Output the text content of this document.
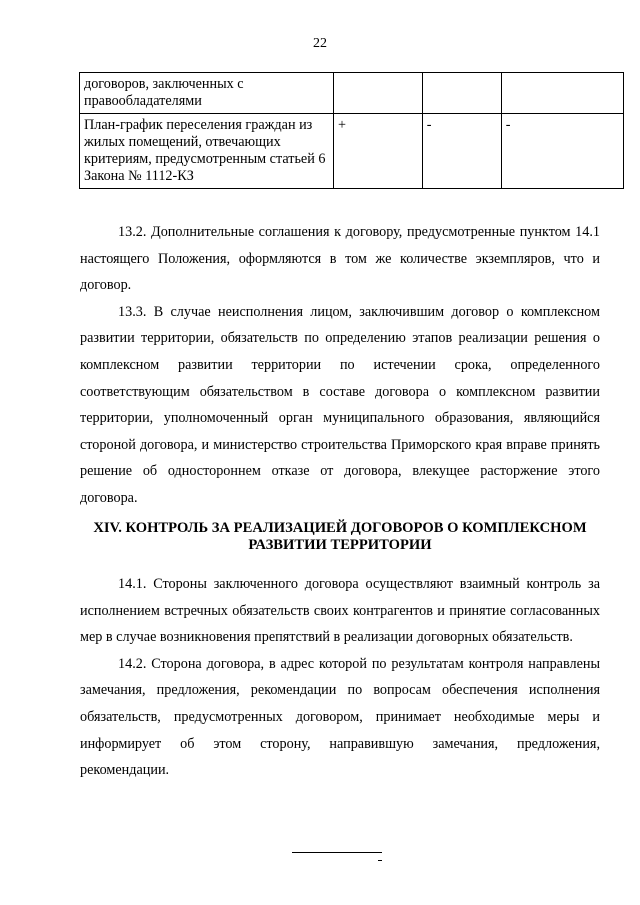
22
договоров, заключенных с правообладателями			
План-график переселения граждан из жилых помещений, отвечающих критериям, предусмотренным статьей 6 Закона № 1112-КЗ	+	-	-

13.2. Дополнительные соглашения к договору, предусмотренные пунктом 14.1 настоящего Положения, оформляются в том же количестве экземпляров, что и договор.

13.3. В случае неисполнения лицом, заключившим договор о комплексном развитии территории, обязательств по определению этапов реализации решения о комплексном развитии территории по истечении срока, определенного соответствующим обязательством в составе договора о комплексном развитии территории, уполномоченный орган муниципального образования, являющийся стороной договора, и министерство строительства Приморского края вправе принять решение об одностороннем отказе от договора, влекущее расторжение этого договора.

XIV. КОНТРОЛЬ ЗА РЕАЛИЗАЦИЕЙ ДОГОВОРОВ О КОМПЛЕКСНОМ
РАЗВИТИИ ТЕРРИТОРИИ

14.1. Стороны заключенного договора осуществляют взаимный контроль за исполнением встречных обязательств своих контрагентов и принятие согласованных мер в случае возникновения препятствий в реализации договорных обязательств.

14.2. Сторона договора, в адрес которой по результатам контроля направлены замечания, предложения, рекомендации по вопросам обеспечения исполнения обязательств, предусмотренных договором, принимает необходимые меры и информирует об этом сторону, направившую замечания, предложения, рекомендации.
